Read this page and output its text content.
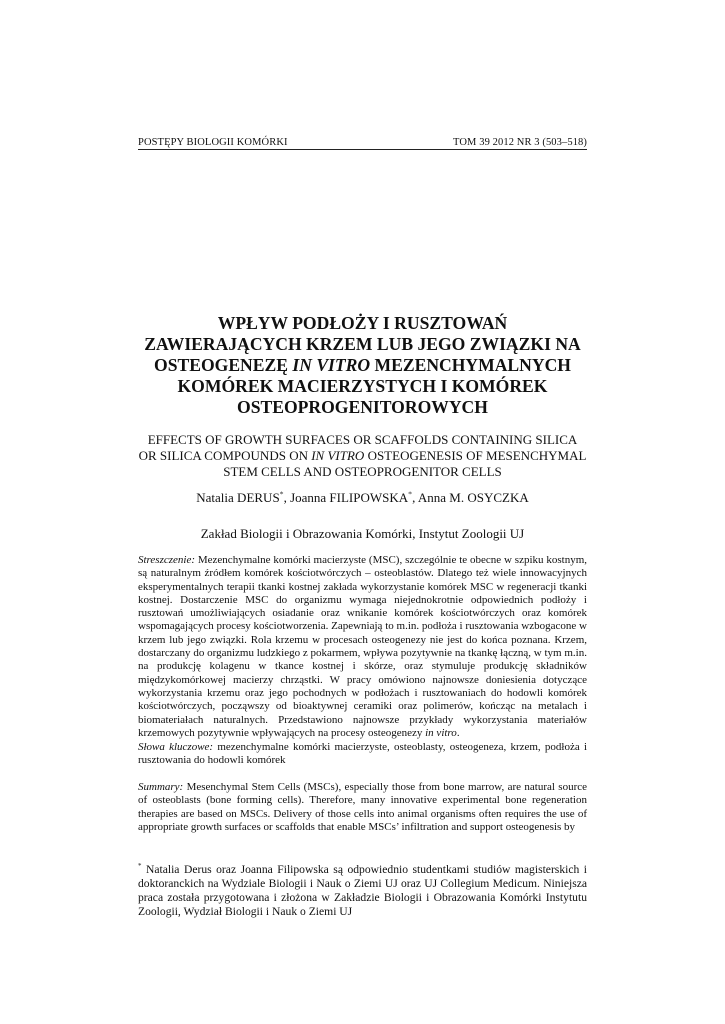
POSTĘPY BIOLOGII KOMÓRKI	TOM 39 2012 NR 3 (503–518)
WPŁYW PODŁOŻY I RUSZTOWAŃ ZAWIERAJĄCYCH KRZEM LUB JEGO ZWIĄZKI NA OSTEOGENEZĘ IN VITRO MEZENCHYMALNYCH KOMÓREK MACIERZYSTYCH I KOMÓREK OSTEOPROGENITOROWYCH
EFFECTS OF GROWTH SURFACES OR SCAFFOLDS CONTAINING SILICA OR SILICA COMPOUNDS ON IN VITRO OSTEOGENESIS OF MESENCHYMAL STEM CELLS AND OSTEOPROGENITOR CELLS
Natalia DERUS*, Joanna FILIPOWSKA*, Anna M. OSYCZKA
Zakład Biologii i Obrazowania Komórki, Instytut Zoologii UJ
Streszczenie: Mezenchymalne komórki macierzyste (MSC), szczególnie te obecne w szpiku kostnym, są naturalnym źródłem komórek kościotwórczych – osteoblastów. Dlatego też wiele innowacyjnych eksperymentalnych terapii tkanki kostnej zakłada wykorzystanie komórek MSC w regeneracji tkanki kostnej. Dostarczenie MSC do organizmu wymaga niejednokrotnie odpowiednich podłoży i rusztowań umożliwiających osiadanie oraz wnikanie komórek kościotwórczych oraz komórek wspomagających procesy kościotworzenia. Zapewniają to m.in. podłoża i rusztowania wzbogacone w krzem lub jego związki. Rola krzemu w procesach osteogenezy nie jest do końca poznana. Krzem, dostarczany do organizmu ludzkiego z pokarmem, wpływa pozytywnie na tkankę łączną, w tym m.in. na produkcję kolagenu w tkance kostnej i skórze, oraz stymuluje produkcję składników międzykomórkowej macierzy chrząstki. W pracy omówiono najnowsze doniesienia dotyczące wykorzystania krzemu oraz jego pochodnych w podłożach i rusztowaniach do hodowli komórek kościotwórczych, począwszy od bioaktywnej ceramiki oraz polimerów, kończąc na metalach i biomateriałach naturalnych. Przedstawiono najnowsze przykłady wykorzystania materiałów krzemowych pozytywnie wpływających na procesy osteogenezy in vitro.
Słowa kluczowe: mezenchymalne komórki macierzyste, osteoblasty, osteogeneza, krzem, podłoża i rusztowania do hodowli komórek
Summary: Mesenchymal Stem Cells (MSCs), especially those from bone marrow, are natural source of osteoblasts (bone forming cells). Therefore, many innovative experimental bone regeneration therapies are based on MSCs. Delivery of those cells into animal organisms often requires the use of appropriate growth surfaces or scaffolds that enable MSCs’ infiltration and support osteogenesis by
* Natalia Derus oraz Joanna Filipowska są odpowiednio studentkami studiów magisterskich i doktoranckich na Wydziale Biologii i Nauk o Ziemi UJ oraz UJ Collegium Medicum. Niniejsza praca została przygotowana i złożona w Zakładzie Biologii i Obrazowania Komórki Instytutu Zoologii, Wydział Biologii i Nauk o Ziemi UJ
